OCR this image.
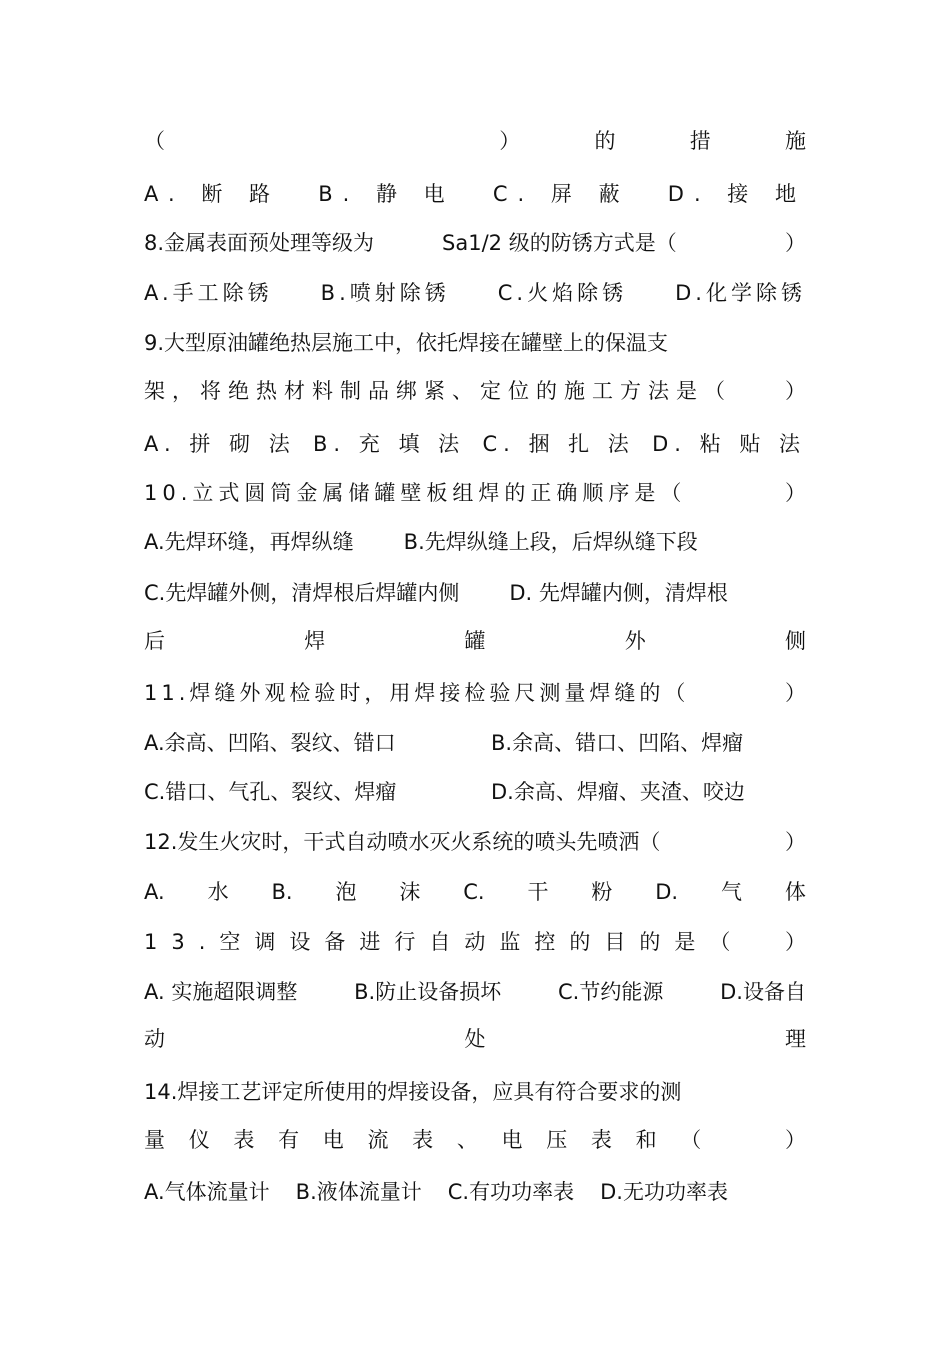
（	）	的	措	施
A. 断 路 B. 静 电 C. 屏 蔽 D. 接 地
8.金属表面预处理等级为	Sa1/2 级的防锈方式是（	）
A.手工除锈 B.喷射除锈 C.火焰除锈 D.化学除锈
9.大型原油罐绝热层施工中，依托焊接在罐壁上的保温支
架，将绝热材料制品绑紧、定位的施工方法是（	）
A. 拼 砌 法 B. 充 填 法 C. 捆 扎 法 D. 粘 贴 法
10.立式圆筒金属储罐壁板组焊的正确顺序是（	）
A.先焊环缝，再焊纵缝 B.先焊纵缝上段，后焊纵缝下段
C.先焊罐外侧，清焊根后焊罐内侧 D. 先焊罐内侧，清焊根
后	焊	罐	外	侧
11.焊缝外观检验时，用焊接检验尺测量焊缝的（	）
A.余高、凹陷、裂纹、错口	B.余高、错口、凹陷、焊瘤
C.错口、气孔、裂纹、焊瘤	D.余高、焊瘤、夹渣、咬边
12.发生火灾时，干式自动喷水灭火系统的喷头先喷洒（	）
A. 水 B. 泡 沫 C. 干 粉 D. 气 体
13.空调设备进行自动监控的目的是（ ）
A. 实施超限调整	B.防止设备损坏	C.节约能源	D.设备自
动	处	理
14.焊接工艺评定所使用的焊接设备，应具有符合要求的测
量 仪 表 有 电 流 表 、 电 压 表 和 （	）
A.气体流量计 B.液体流量计 C.有功功率表 D.无功功率表
